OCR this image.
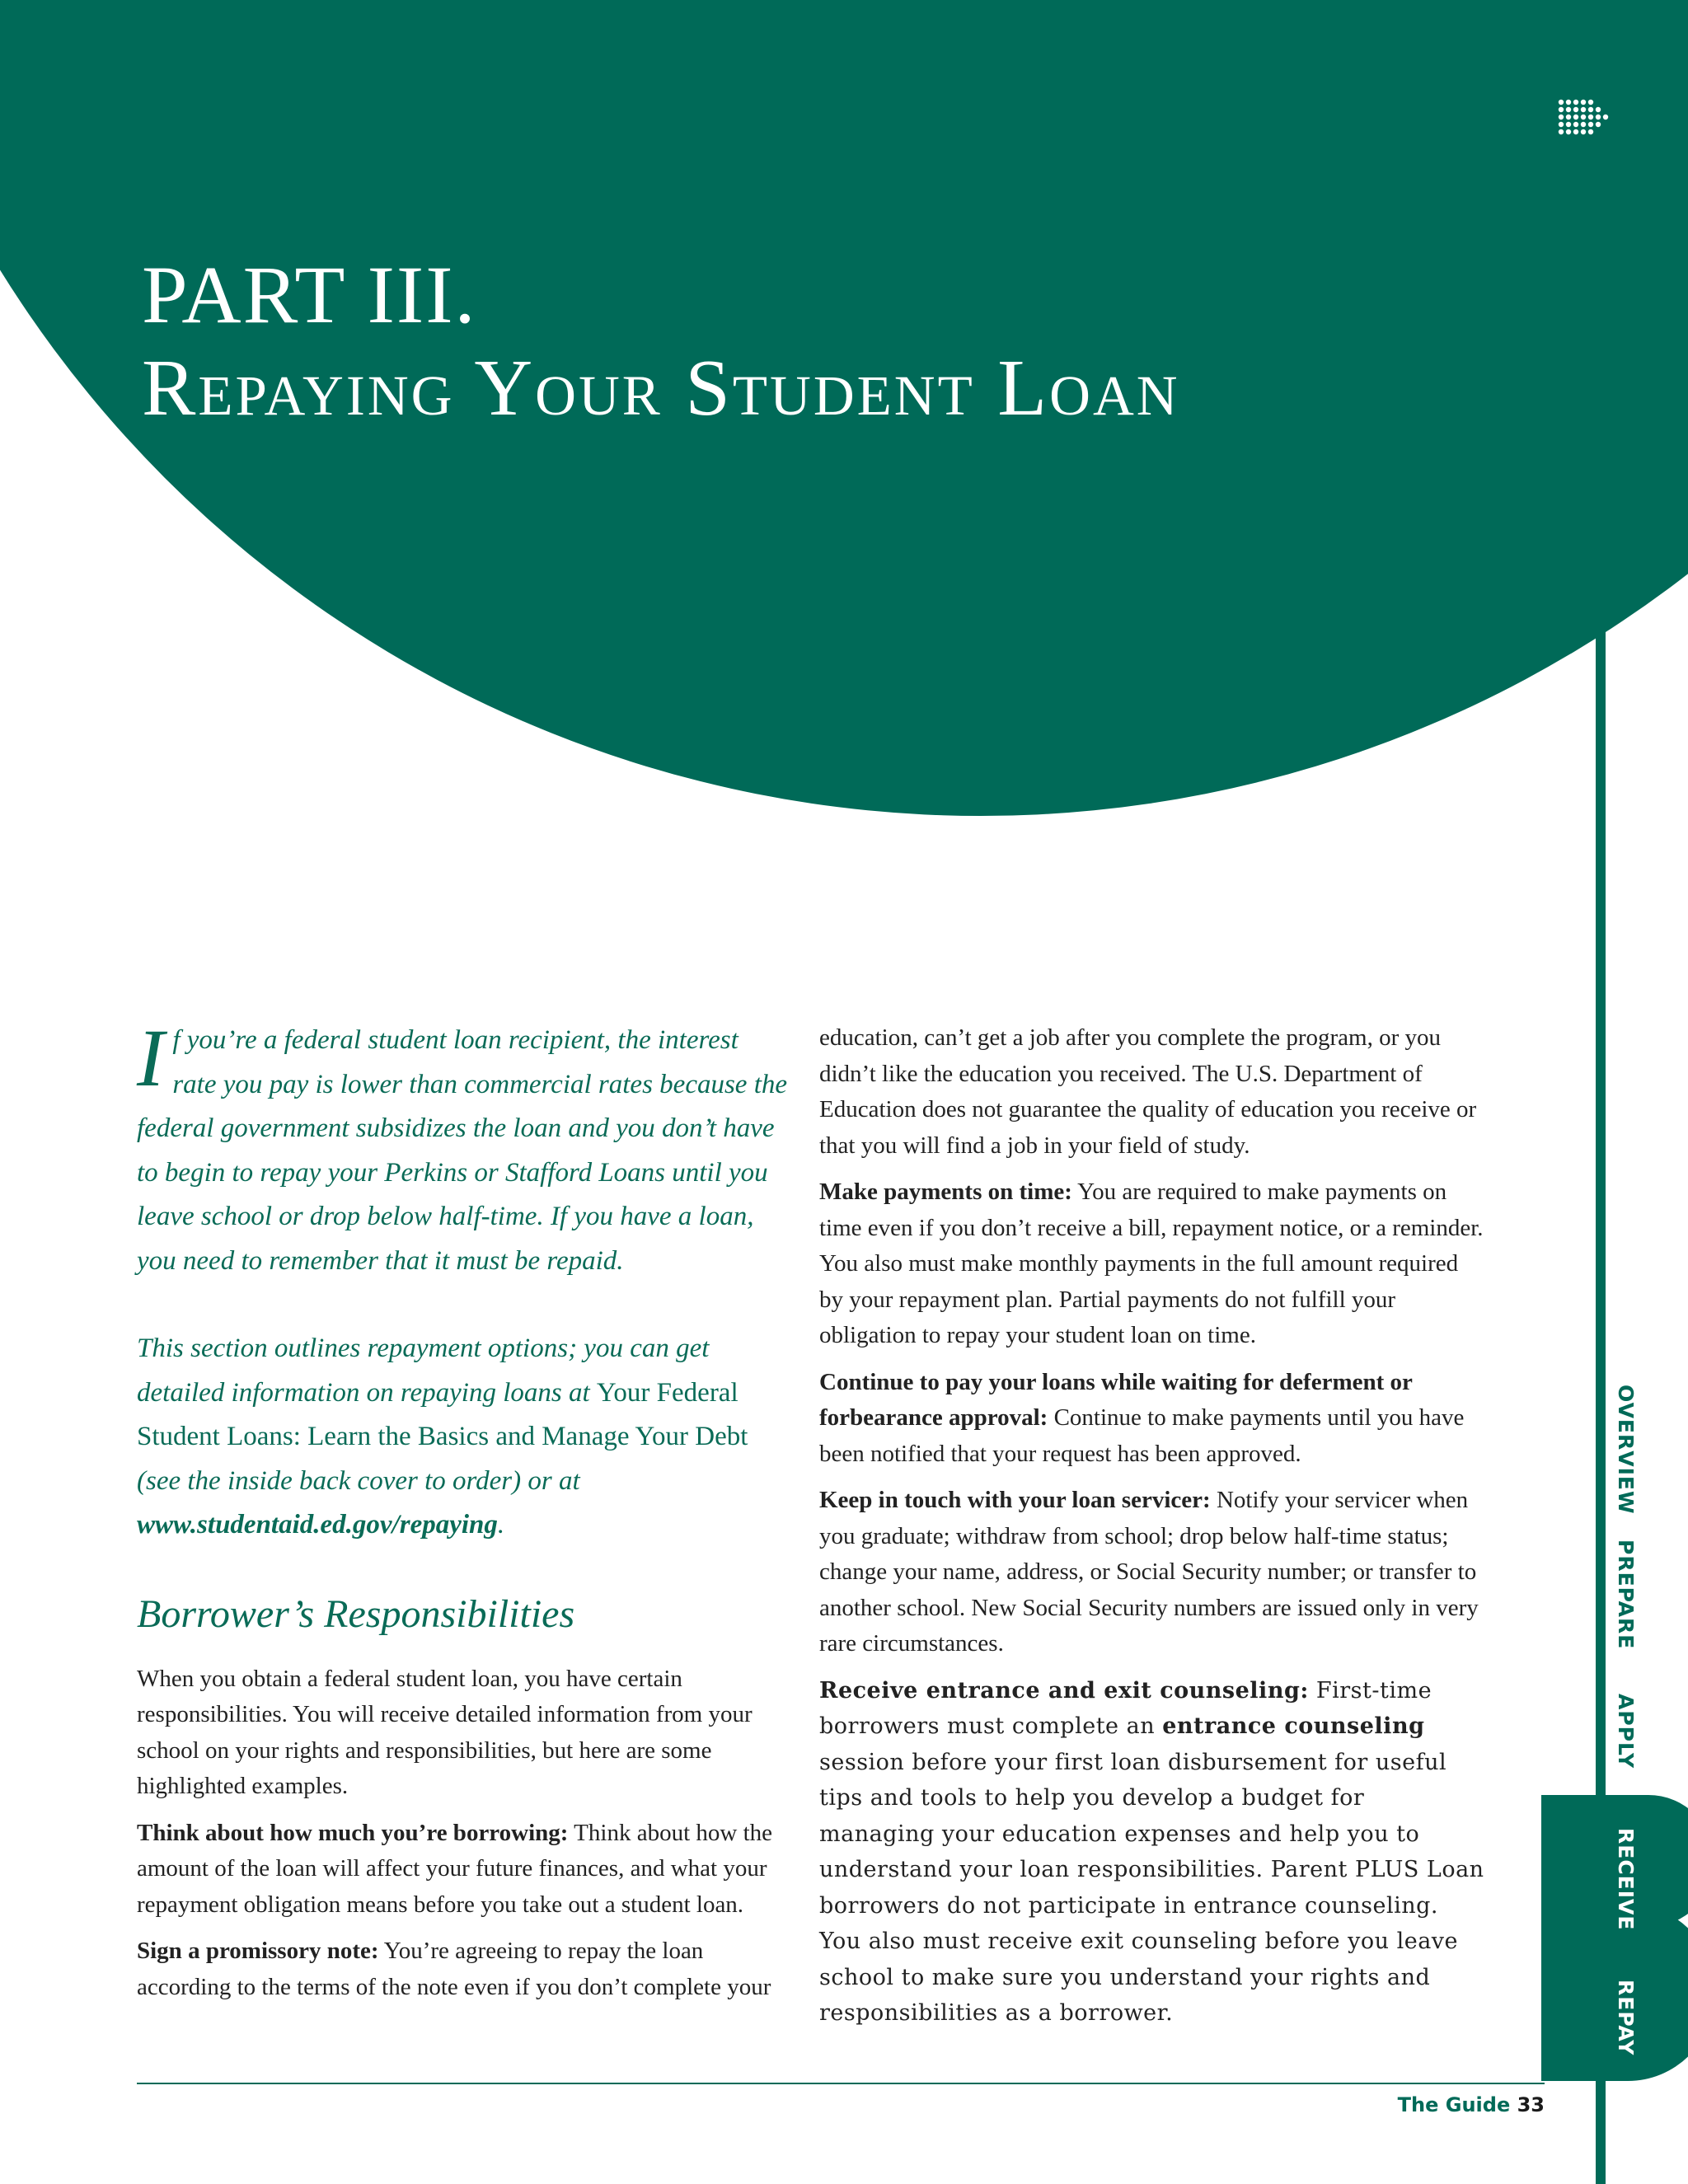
PART III.
Repaying Your Student Loan
OVERVIEW
PREPARE
APPLY
RECEIVE
REPAY

If you’re a federal student loan recipient, the interest rate you pay is lower than commercial rates because the federal government subsidizes the loan and you don’t have to begin to repay your Perkins or Stafford Loans until you leave school or drop below half-time. If you have a loan, you need to remember that it must be repaid.

This section outlines repayment options; you can get detailed information on repaying loans at Your Federal Student Loans: Learn the Basics and Manage Your Debt (see the inside back cover to order) or at www.studentaid.ed.gov/repaying.

Borrower’s Responsibilities

When you obtain a federal student loan, you have certain responsibilities. You will receive detailed information from your school on your rights and responsibilities, but here are some highlighted examples.

Think about how much you’re borrowing: Think about how the amount of the loan will affect your future finances, and what your repayment obligation means before you take out a student loan.

Sign a promissory note: You’re agreeing to repay the loan according to the terms of the note even if you don’t complete your

education, can’t get a job after you complete the program, or you didn’t like the education you received. The U.S. Department of Education does not guarantee the quality of education you receive or that you will find a job in your field of study.

Make payments on time: You are required to make payments on time even if you don’t receive a bill, repayment notice, or a reminder. You also must make monthly payments in the full amount required by your repayment plan. Partial payments do not fulfill your obligation to repay your student loan on time.

Continue to pay your loans while waiting for deferment or forbearance approval: Continue to make payments until you have been notified that your request has been approved.

Keep in touch with your loan servicer: Notify your servicer when you graduate; withdraw from school; drop below half-time status; change your name, address, or Social Security number; or transfer to another school. New Social Security numbers are issued only in very rare circumstances.

Receive entrance and exit counseling: First-time borrowers must complete an entrance counseling session before your first loan disbursement for useful tips and tools to help you develop a budget for managing your education expenses and help you to understand your loan responsibilities. Parent PLUS Loan borrowers do not participate in entrance counseling. You also must receive exit counseling before you leave school to make sure you understand your rights and responsibilities as a borrower.

The Guide 33
